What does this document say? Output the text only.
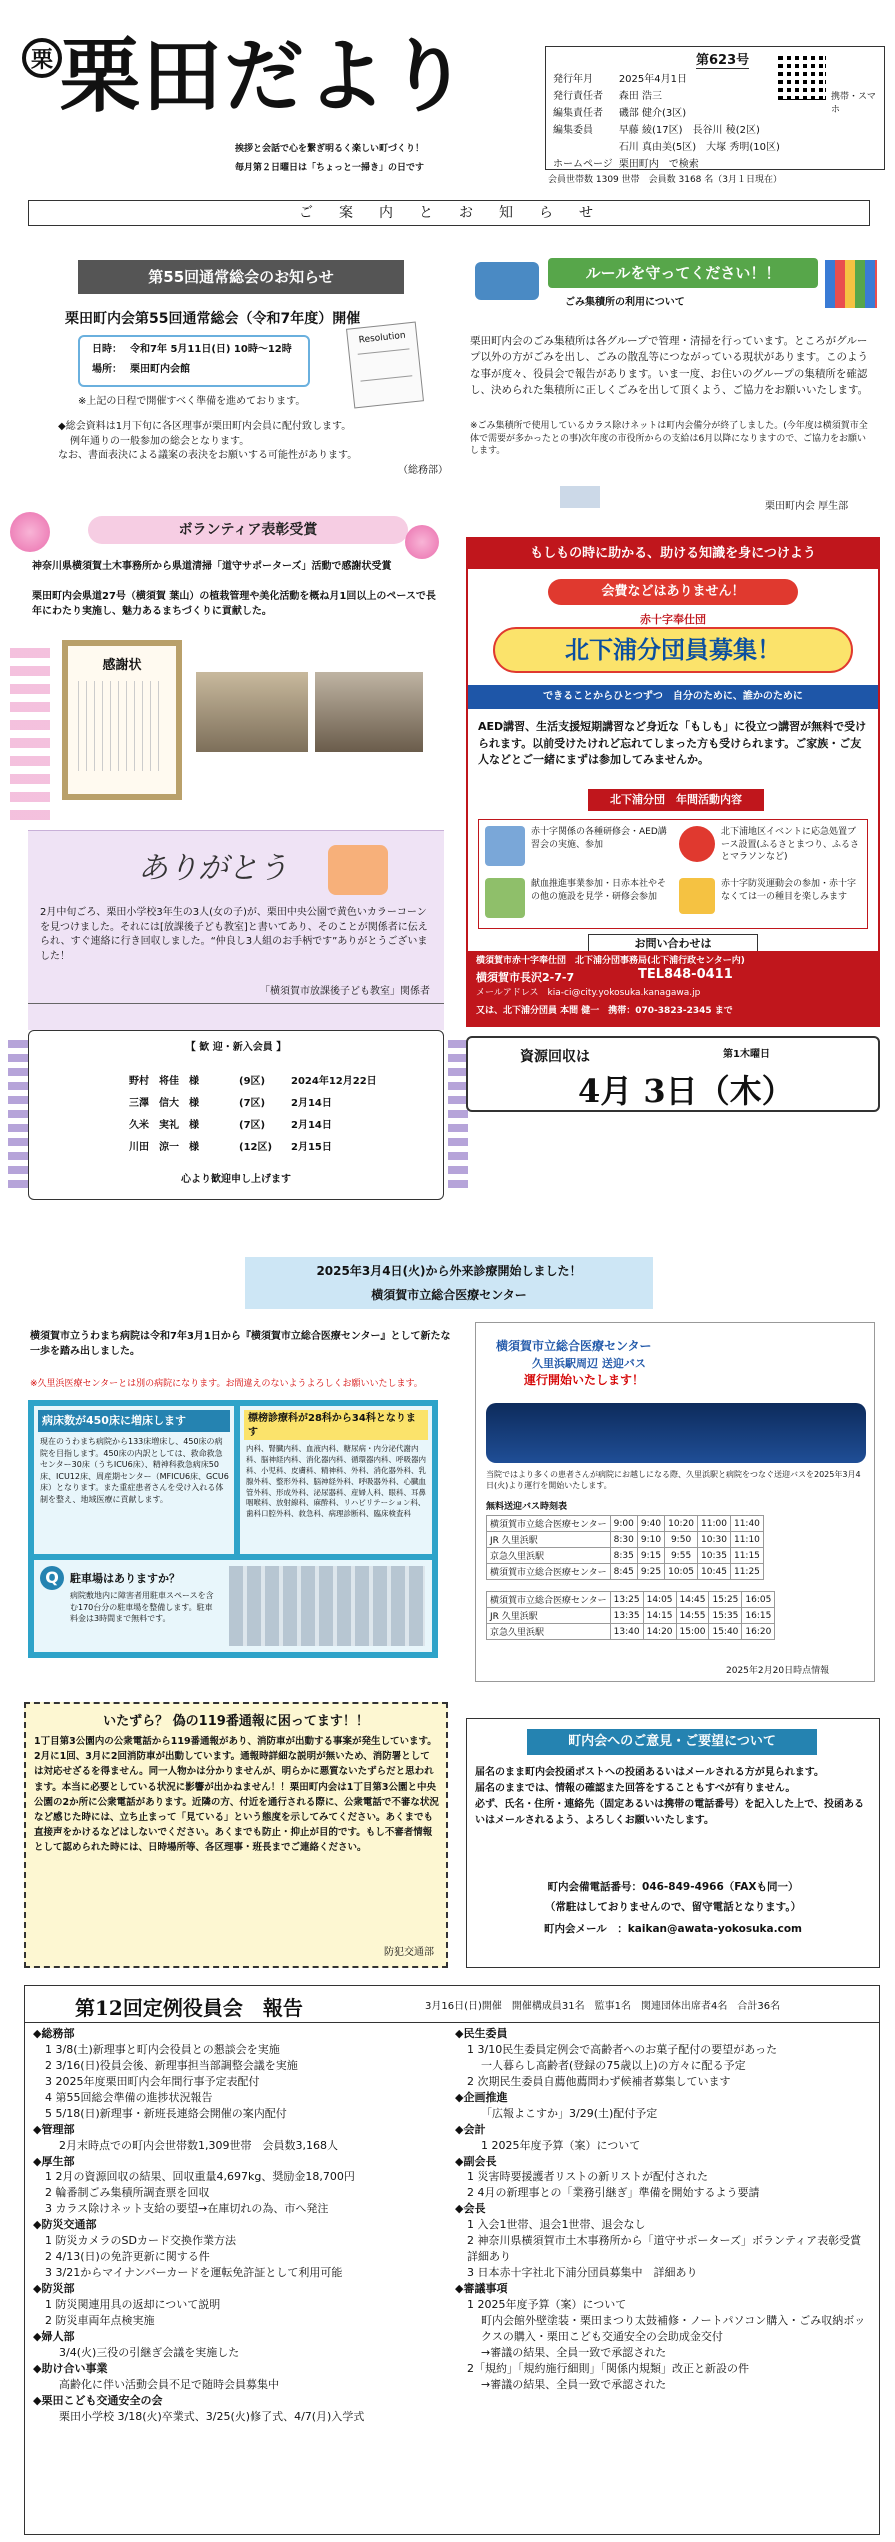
栗 栗田だより
挨拶と会話で心を繋ぎ明るく楽しい町づくり！
毎月第２日曜日は「ちょっと一掃き」の日です
第623号
発行年月	2025年4月1日
発行責任者	森田 浩三
編集責任者	磯部 健介(3区)
編集委員	早藤 綾(17区)　長谷川 稜(2区)
	石川 真由美(5区)　大塚 秀明(10区)
ホームページ	栗田町内　で検索
携帯・スマホ
会員世帯数 1309 世帯　会員数 3168 名（3月１日現在）
ご　案　内　と　お　知　ら　せ
第55回通常総会のお知らせ
栗田町内会第55回通常総会（令和7年度）開催
日時： 令和7年 5月11日(日) 10時～12時
場所： 栗田町内会館
Resolution
※上記の日程で開催すべく準備を進めております。
◆総会資料は1月下旬に各区理事が栗田町内会員に配付致します。
例年通りの一般参加の総会となります。
なお、書面表決による議案の表決をお願いする可能性があります。
（総務部）
ボランティア表彰受賞
神奈川県横須賀土木事務所から県道清掃「道守サポーターズ」活動で感謝状受賞
栗田町内会県道27号（横須賀 葉山）の植栽管理や美化活動を概ね月1回以上のペースで長年にわたり実施し、魅力あるまちづくりに貢献した。
感謝状
ありがとう
2月中旬ごろ、栗田小学校3年生の3人(女の子)が、栗田中央公園で黄色いカラーコーンを見つけました。それには[放課後子ども教室]と書いてあり、そのことが関係者に伝えられ、すぐ連絡に行き回収しました。“仲良し3人組のお手柄です”ありがとうございました！
「横須賀市放課後子ども教室」関係者
【 歓 迎・新入会員 】
野村　将佳　様	(9区)	2024年12月22日
三澤　信大　様	(7区)	2月14日
久米　実礼　様	(7区)	2月14日
川田　涼一　様	(12区)	2月15日
心より歓迎申し上げます
ルールを守ってください！！
ごみ集積所の利用について
栗田町内会のごみ集積所は各グループで管理・清掃を行っています。ところがグループ以外の方がごみを出し、ごみの散乱等につながっている現状があります。このような事が度々、役員会で報告があります。いま一度、お住いのグループの集積所を確認し、決められた集積所に正しくごみを出して頂くよう、ご協力をお願いいたします。
※ごみ集積所で使用しているカラス除けネットは町内会備分が終了しました。(今年度は横須賀市全体で需要が多かったとの事)次年度の市役所からの支給は6月以降になりますので、ご協力をお願いします。
栗田町内会 厚生部
もしもの時に助かる、助ける知識を身につけよう
会費などはありません！
赤十字奉仕団
北下浦分団員募集！
できることからひとつずつ　自分のために、誰かのために
AED講習、生活支援短期講習など身近な「もしも」に役立つ講習が無料で受けられます。以前受けたけれど忘れてしまった方も受けられます。ご家族・ご友人などとご一緒にまずは参加してみませんか。
北下浦分団　年間活動内容
赤十字関係の各種研修会・AED講習会の実施、参加
北下浦地区イベントに応急処置ブース設置(ふるさとまつり、ふるさとマラソンなど)
献血推進事業参加・日赤本社やその他の施設を見学・研修会参加
赤十字防災運動会の参加・赤十字なくては一の種目を楽しみます
お問い合わせは
横須賀市赤十字奉仕団　北下浦分団事務局(北下浦行政センター内)
横須賀市長沢2-7-7	TEL848-0411
メールアドレス　kia-ci@city.yokosuka.kanagawa.jp
又は、北下浦分団員 本間 健一　携帯：070-3823-2345 まで
資源回収は	第1木曜日
4月 3日（木）
2025年3月4日(火)から外来診療開始しました！
横須賀市立総合医療センター
横須賀市立うわまち病院は令和7年3月1日から『横須賀市立総合医療センター』として新たな一歩を踏み出しました。
※久里浜医療センターとは別の病院になります。お間違えのないようよろしくお願いいたします。
病床数が450床に増床します
現在のうわまち病院から133床増床し、450床の病院を目指します。450床の内訳としては、救命救急センター30床（うちICU6床）、精神科救急病床50床、ICU12床、周産期センター（MFICU6床、GCU6床）となります。また重症患者さんを受け入れる体制を整え、地域医療に貢献します。
標榜診療科が28科から34科となります
内科、腎臓内科、血液内科、糖尿病・内分泌代謝内科、脳神経内科、消化器内科、循環器内科、呼吸器内科、小児科、皮膚科、精神科、外科、消化器外科、乳腺外科、整形外科、脳神経外科、呼吸器外科、心臓血管外科、形成外科、泌尿器科、産婦人科、眼科、耳鼻咽喉科、放射線科、麻酔科、リハビリテーション科、歯科口腔外科、救急科、病理診断科、臨床検査科
Q	駐車場はありますか？
病院敷地内に障害者用駐車スペースを含む170台分の駐車場を整備します。駐車料金は3時間まで無料です。
横須賀市立総合医療センター
久里浜駅周辺 送迎バス
運行開始いたします！
当院ではより多くの患者さんが病院にお越しになる際、久里浜駅と病院をつなぐ送迎バスを2025年3月4日(火)より運行を開始いたします。
無料送迎バス時刻表
横須賀市立総合医療センター	9:00	9:40	10:20	11:00	11:40
JR 久里浜駅	8:30	9:10	9:50	10:30	11:10
京急久里浜駅	8:35	9:15	9:55	10:35	11:15
横須賀市立総合医療センター	8:45	9:25	10:05	10:45	11:25
横須賀市立総合医療センター	13:25	14:05	14:45	15:25	16:05
JR 久里浜駅	13:35	14:15	14:55	15:35	16:15
京急久里浜駅	13:40	14:20	15:00	15:40	16:20
2025年2月20日時点情報
いたずら？ 偽の119番通報に困ってます！！
1丁目第3公園内の公衆電話から119番通報があり、消防車が出動する事案が発生しています。2月に1回、3月に2回消防車が出動しています。通報時詳細な説明が無いため、消防署としては対応せざるを得ません。同一人物かは分かりませんが、明らかに悪質ないたずらだと思われます。本当に必要としている状況に影響が出かねません！！栗田町内会は1丁目第3公園と中央公園の2か所に公衆電話があります。近隣の方、付近を通行される際に、公衆電話で不審な状況など感じた時には、立ち止まって「見ている」という態度を示してみてください。あくまでも直接声をかけるなどはしないでください。あくまでも防止・抑止が目的です。もし不審者情報として認められた時には、日時場所等、各区理事・班長までご連絡ください。
防犯交通部
町内会へのご意見・ご要望について
届名のまま町内会投函ポストへの投函あるいはメールされる方が見られます。
届名のままでは、情報の確認また回答をすることもすべが有りません。
必ず、氏名・住所・連絡先（固定あるいは携帯の電話番号）を記入した上で、投函あるいはメールされるよう、よろしくお願いいたします。
町内会備電話番号：046-849-4966（FAXも同一）
（常駐はしておりませんので、留守電話となります。）
町内会メール　：kaikan@awata-yokosuka.com
第12回定例役員会　報告	3月16日(日)開催　開催構成員31名　監事1名　関連団体出席者4名　合計36名

◆総務部

1 3/8(土)新理事と町内会役員との懇談会を実施

2 3/16(日)役員会後、新理事担当部調整会議を実施

3 2025年度栗田町内会年間行事予定表配付

4 第55回総会準備の進捗状況報告

5 5/18(日)新理事・新班長連絡会開催の案内配付

◆管理部

2月末時点での町内会世帯数1,309世帯　会員数3,168人

◆厚生部

1 2月の資源回収の結果、回収重量4,697kg、奨励金18,700円

2 輪番制ごみ集積所調査票を回収

3 カラス除けネット支給の要望→在庫切れの為、市へ発注

◆防災交通部

1 防災カメラのSDカード交換作業方法

2 4/13(日)の免許更新に関する件

3 3/21からマイナンバーカードを運転免許証として利用可能

◆防災部

1 防災関連用具の返却について説明

2 防災車両年点検実施

◆婦人部

3/4(火)三役の引継ぎ会議を実施した

◆助け合い事業

高齢化に伴い活動会員不足で随時会員募集中

◆栗田こども交通安全の会

栗田小学校 3/18(火)卒業式、3/25(火)修了式、4/7(月)入学式

◆民生委員

1 3/10民生委員定例会で高齢者へのお菓子配付の要望があった

一人暮らし高齢者(登録の75歳以上)の方々に配る予定

2 次期民生委員自薦他薦問わず候補者募集しています

◆企画推進

「広報よこすか」3/29(土)配付予定

◆会計

1 2025年度予算（案）について

◆副会長

1 災害時要援護者リストの新リストが配付された

2 4月の新理事との「業務引継ぎ」準備を開始するよう要請

◆会長

1 入会1世帯、退会1世帯、退会なし

2 神奈川県横須賀市土木事務所から「道守サポーターズ」ボランティア表彰受賞　詳細あり

3 日本赤十字社北下浦分団員募集中　詳細あり

◆審議事項

1 2025年度予算（案）について

町内会館外壁塗装・栗田まつり太鼓補修・ノートパソコン購入・ごみ収納ボックスの購入・栗田こども交通安全の会助成金交付

→審議の結果、全員一致で承認された

2「規約」「規約施行細則」「関係内規類」改正と新設の件

→審議の結果、全員一致で承認された
